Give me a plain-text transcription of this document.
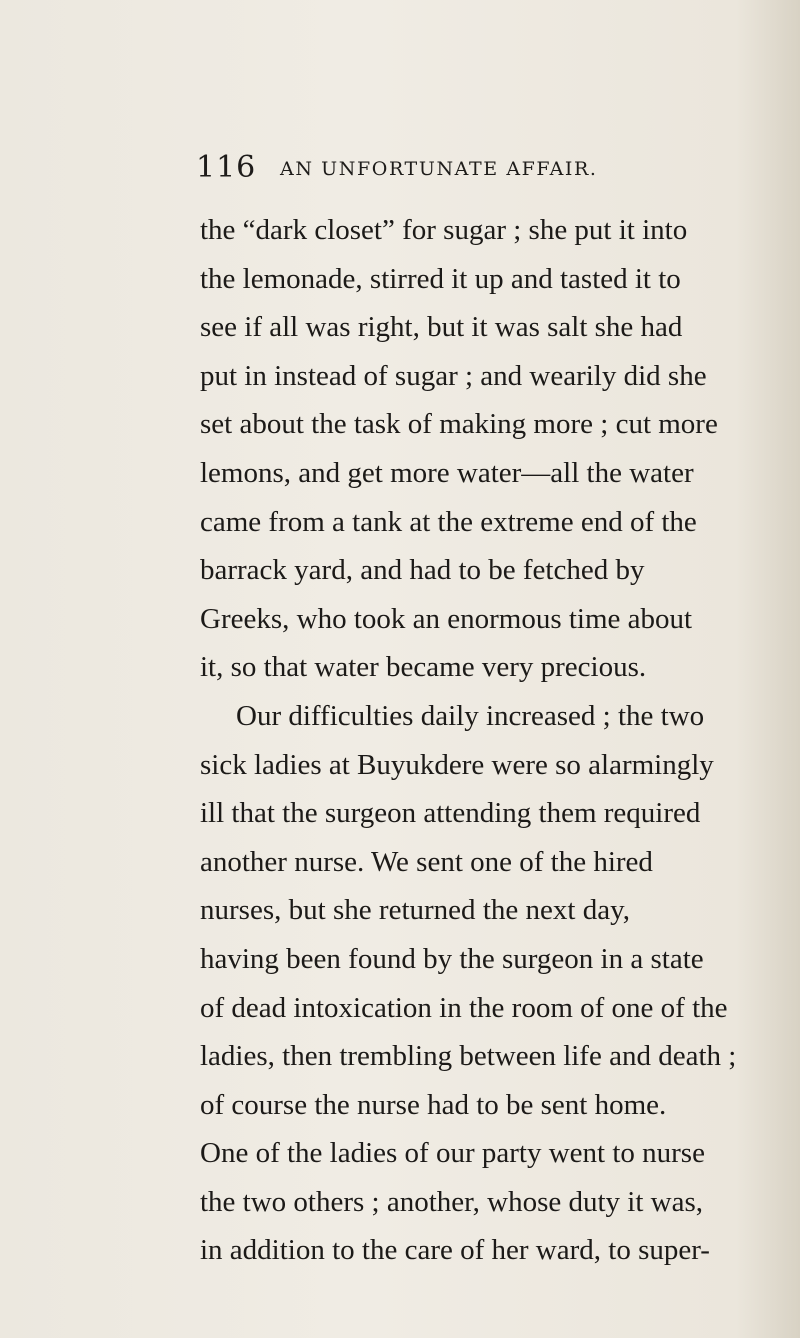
116 AN UNFORTUNATE AFFAIR.
the “dark closet” for sugar ; she put it into
the lemonade, stirred it up and tasted it to
see if all was right, but it was salt she had
put in instead of sugar ; and wearily did she
set about the task of making more ; cut more
lemons, and get more water—all the water
came from a tank at the extreme end of the
barrack yard, and had to be fetched by
Greeks, who took an enormous time about
it, so that water became very precious.
Our difficulties daily increased ; the two
sick ladies at Buyukdere were so alarmingly
ill that the surgeon attending them required
another nurse. We sent one of the hired
nurses, but she returned the next day,
having been found by the surgeon in a state
of dead intoxication in the room of one of the
ladies, then trembling between life and death ;
of course the nurse had to be sent home.
One of the ladies of our party went to nurse
the two others ; another, whose duty it was,
in addition to the care of her ward, to super-
